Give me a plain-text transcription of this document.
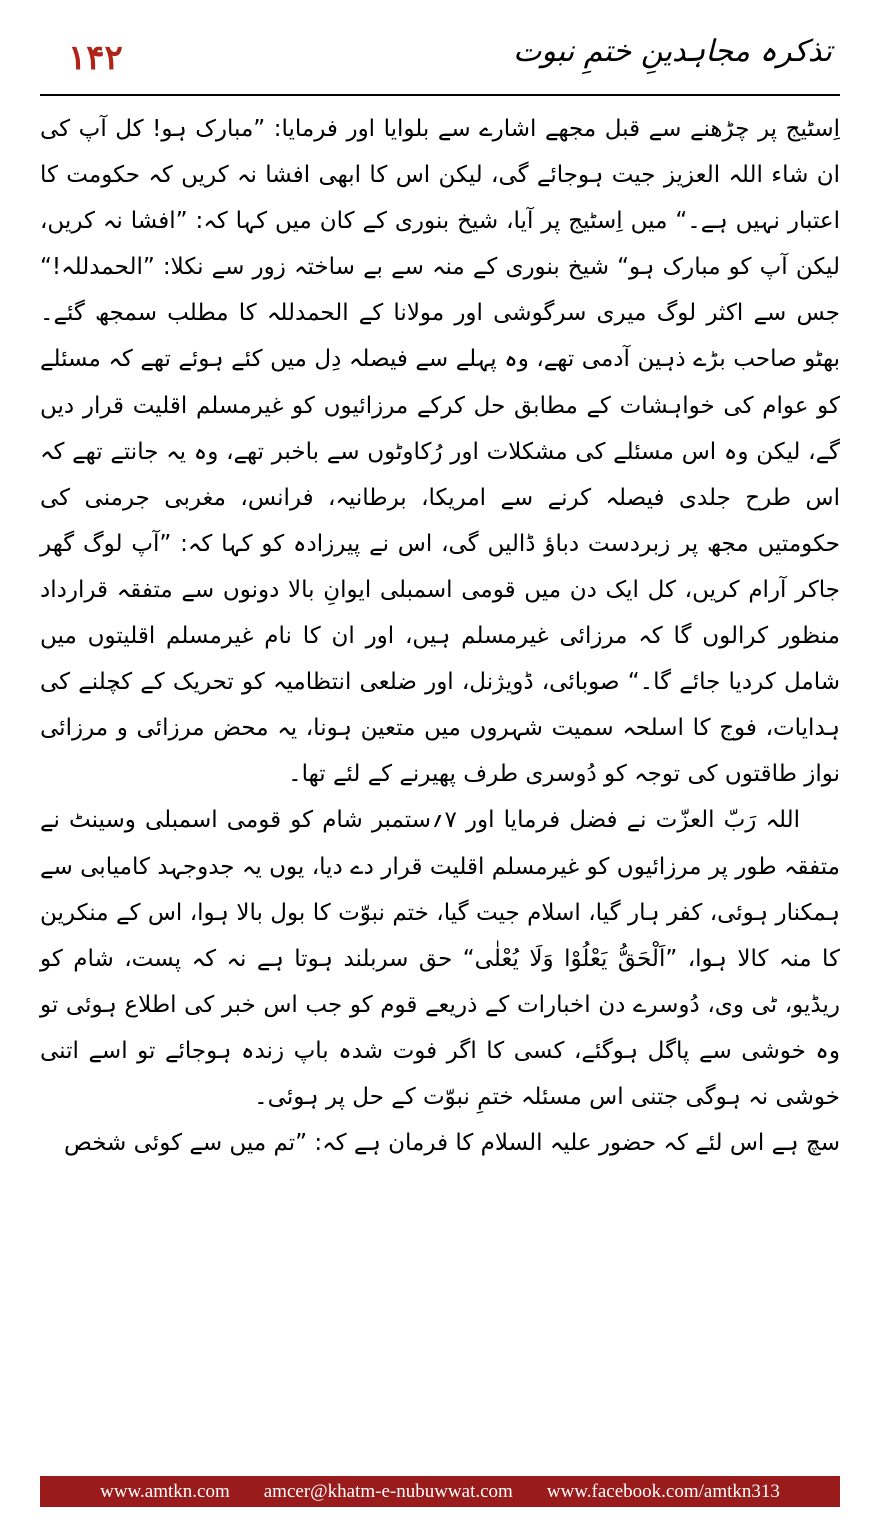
۱۴۲	تذکرہ مجاہدینِ ختمِ نبوت

اِسٹیج پر چڑھنے سے قبل مجھے اشارے سے بلوایا اور فرمایا: ”مبارک ہو! کل آپ کی ان شاء اللہ العزیز جیت ہوجائے گی، لیکن اس کا ابھی افشا نہ کریں کہ حکومت کا اعتبار نہیں ہے۔“ میں اِسٹیج پر آیا، شیخ بنوری کے کان میں کہا کہ: ”افشا نہ کریں، لیکن آپ کو مبارک ہو“ شیخ بنوری کے منہ سے بے ساختہ زور سے نکلا: ”الحمدللہ!“ جس سے اکثر لوگ میری سرگوشی اور مولانا کے الحمدللہ کا مطلب سمجھ گئے۔ بھٹو صاحب بڑے ذہین آدمی تھے، وہ پہلے سے فیصلہ دِل میں کئے ہوئے تھے کہ مسئلے کو عوام کی خواہشات کے مطابق حل کرکے مرزائیوں کو غیرمسلم اقلیت قرار دیں گے، لیکن وہ اس مسئلے کی مشکلات اور رُکاوٹوں سے باخبر تھے، وہ یہ جانتے تھے کہ اس طرح جلدی فیصلہ کرنے سے امریکا، برطانیہ، فرانس، مغربی جرمنی کی حکومتیں مجھ پر زبردست دباؤ ڈالیں گی، اس نے پیرزادہ کو کہا کہ: ”آپ لوگ گھر جاکر آرام کریں، کل ایک دن میں قومی اسمبلی ایوانِ بالا دونوں سے متفقہ قرارداد منظور کرالوں گا کہ مرزائی غیرمسلم ہیں، اور ان کا نام غیرمسلم اقلیتوں میں شامل کردیا جائے گا۔“ صوبائی، ڈویژنل، اور ضلعی انتظامیہ کو تحریک کے کچلنے کی ہدایات، فوج کا اسلحہ سمیت شہروں میں متعین ہونا، یہ محض مرزائی و مرزائی نواز طاقتوں کی توجہ کو دُوسری طرف پھیرنے کے لئے تھا۔

اللہ رَبّ العزّت نے فضل فرمایا اور ۷؍ستمبر شام کو قومی اسمبلی وسینٹ نے متفقہ طور پر مرزائیوں کو غیرمسلم اقلیت قرار دے دیا، یوں یہ جدوجہد کامیابی سے ہمکنار ہوئی، کفر ہار گیا، اسلام جیت گیا، ختم نبوّت کا بول بالا ہوا، اس کے منکرین کا منہ کالا ہوا، ”اَلْحَقُّ یَعْلُوْا وَلَا یُعْلٰی“ حق سربلند ہوتا ہے نہ کہ پست، شام کو ریڈیو، ٹی وی، دُوسرے دن اخبارات کے ذریعے قوم کو جب اس خبر کی اطلاع ہوئی تو وہ خوشی سے پاگل ہوگئے، کسی کا اگر فوت شدہ باپ زندہ ہوجائے تو اسے اتنی خوشی نہ ہوگی جتنی اس مسئلہ ختمِ نبوّت کے حل پر ہوئی۔

سچ ہے اس لئے کہ حضور علیہ السلام کا فرمان ہے کہ: ”تم میں سے کوئی شخص

www.amtkn.com amcer@khatm-e-nubuwwat.com www.facebook.com/amtkn313
